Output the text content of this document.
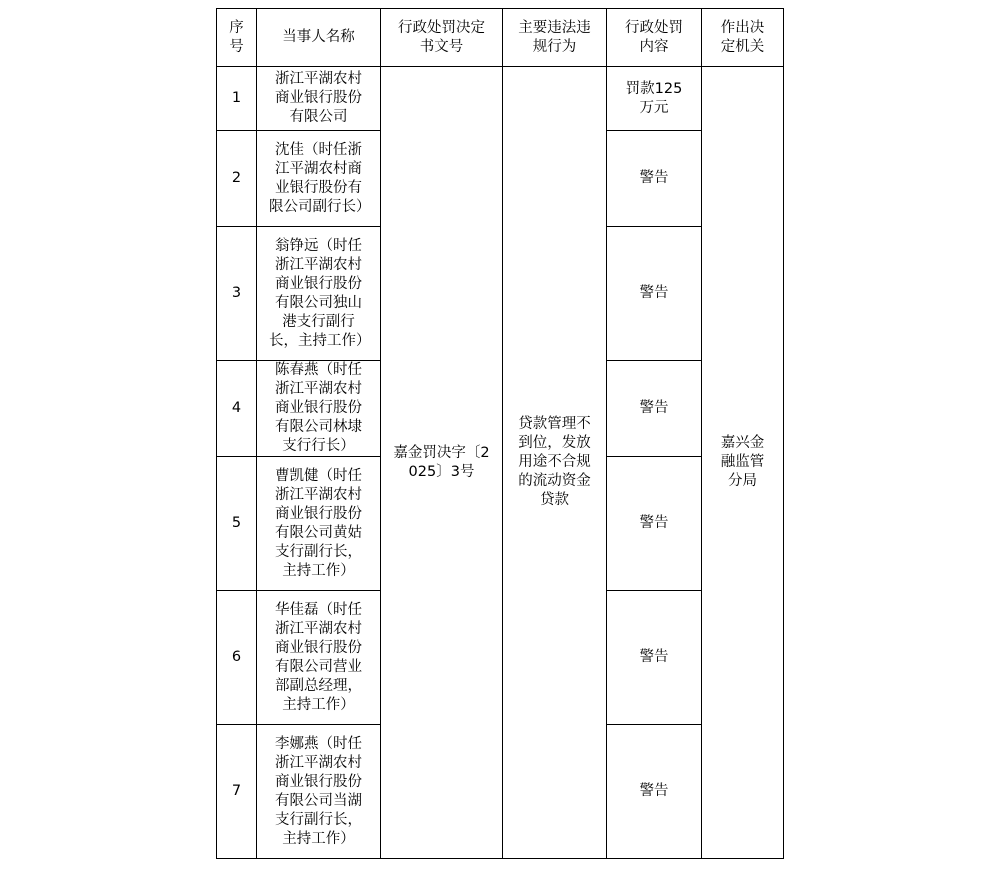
序号	当事人名称	行政处罚决定书文号	主要违法违规行为	行政处罚内容	作出决定机关
1	浙江平湖农村商业银行股份有限公司	嘉金罚决字〔2025〕3号	贷款管理不到位，发放用途不合规的流动资金贷款	罚款125万元	嘉兴金融监管分局
2	沈佳（时任浙江平湖农村商业银行股份有限公司副行长）			警告	
3	翁铮远（时任浙江平湖农村商业银行股份有限公司独山港支行副行长，主持工作）			警告	
4	陈春燕（时任浙江平湖农村商业银行股份有限公司林埭支行行长）			警告	
5	曹凯健（时任浙江平湖农村商业银行股份有限公司黄姑支行副行长，主持工作）			警告	
6	华佳磊（时任浙江平湖农村商业银行股份有限公司营业部副总经理，主持工作）			警告	
7	李娜燕（时任浙江平湖农村商业银行股份有限公司当湖支行副行长，主持工作）			警告	
